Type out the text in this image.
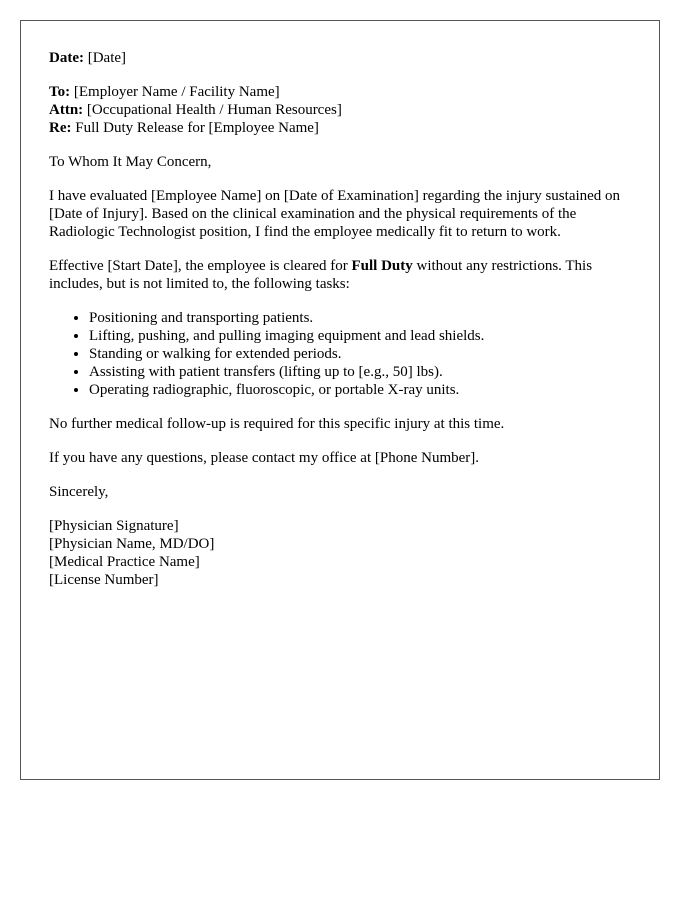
Date: [Date]

To: [Employer Name / Facility Name]
Attn: [Occupational Health / Human Resources]
Re: Full Duty Release for [Employee Name]

To Whom It May Concern,

I have evaluated [Employee Name] on [Date of Examination] regarding the injury sustained on [Date of Injury]. Based on the clinical examination and the physical requirements of the Radiologic Technologist position, I find the employee medically fit to return to work.

Effective [Start Date], the employee is cleared for Full Duty without any restrictions. This includes, but is not limited to, the following tasks:

• Positioning and transporting patients.
• Lifting, pushing, and pulling imaging equipment and lead shields.
• Standing or walking for extended periods.
• Assisting with patient transfers (lifting up to [e.g., 50] lbs).
• Operating radiographic, fluoroscopic, or portable X-ray units.

No further medical follow-up is required for this specific injury at this time.

If you have any questions, please contact my office at [Phone Number].

Sincerely,

[Physician Signature]
[Physician Name, MD/DO]
[Medical Practice Name]
[License Number]
